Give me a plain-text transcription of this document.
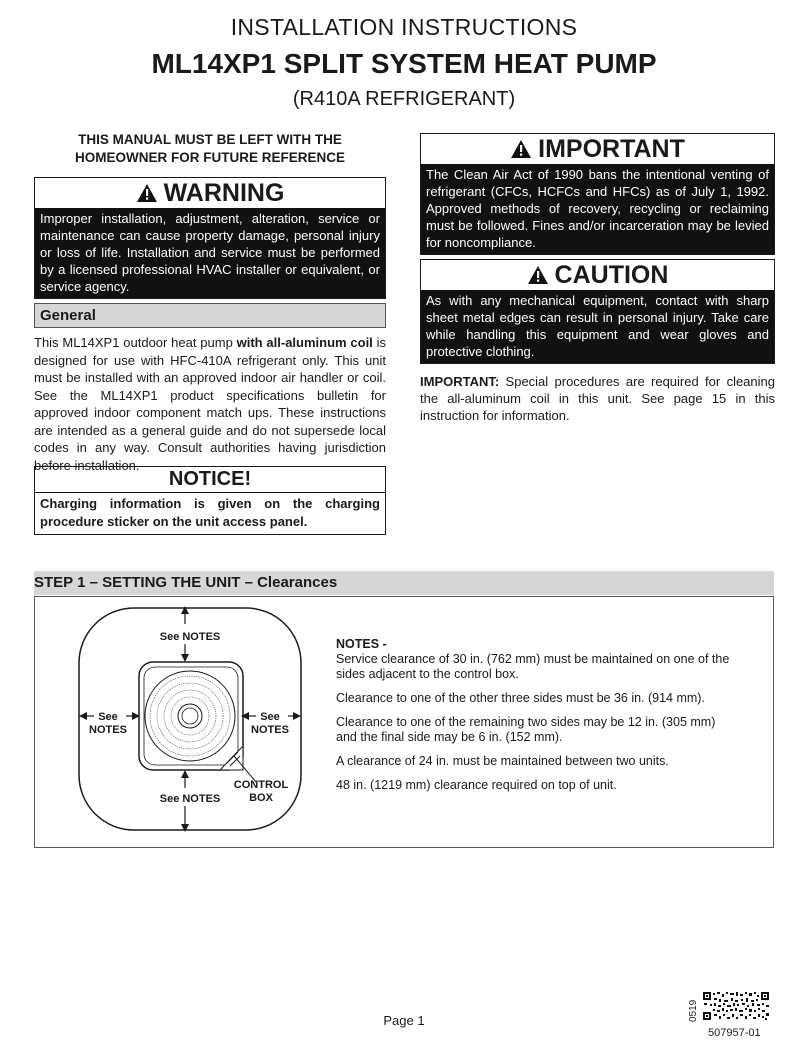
INSTALLATION INSTRUCTIONS
ML14XP1 SPLIT SYSTEM HEAT PUMP
(R410A REFRIGERANT)
THIS MANUAL MUST BE LEFT WITH THE HOMEOWNER FOR FUTURE REFERENCE
WARNING
Improper installation, adjustment, alteration, service or maintenance can cause property damage, personal injury or loss of life. Installation and service must be performed by a licensed professional HVAC installer or equivalent, or service agency.
IMPORTANT
The Clean Air Act of 1990 bans the intentional venting of refrigerant (CFCs, HCFCs and HFCs) as of July 1, 1992. Approved methods of recovery, recycling or reclaiming must be followed. Fines and/or incarceration may be levied for noncompliance.
CAUTION
As with any mechanical equipment, contact with sharp sheet metal edges can result in personal injury. Take care while handling this equipment and wear gloves and protective clothing.
General
This ML14XP1 outdoor heat pump with all-aluminum coil is designed for use with HFC-410A refrigerant only. This unit must be installed with an approved indoor air handler or coil. See the ML14XP1 product specifications bulletin for approved indoor component match ups. These instructions are intended as a general guide and do not supersede local codes in any way. Consult authorities having jurisdiction before installation.
NOTICE!
Charging information is given on the charging procedure sticker on the unit access panel.
IMPORTANT: Special procedures are required for cleaning the all-aluminum coil in this unit. See page 15 in this instruction for information.
STEP 1 – SETTING THE UNIT – Clearances
See NOTES
See NOTES
See
NOTES
See
NOTES
CONTROL
BOX

NOTES -

Service clearance of 30 in. (762 mm) must be maintained on one of the sides adjacent to the control box.

Clearance to one of the other three sides must be 36 in. (914 mm).

Clearance to one of the remaining two sides may be 12 in. (305 mm) and the final side may be 6 in. (152 mm).

A clearance of 24 in. must be maintained between two units.

48 in. (1219 mm) clearance required on top of unit.

Page 1	0519
507957-01
